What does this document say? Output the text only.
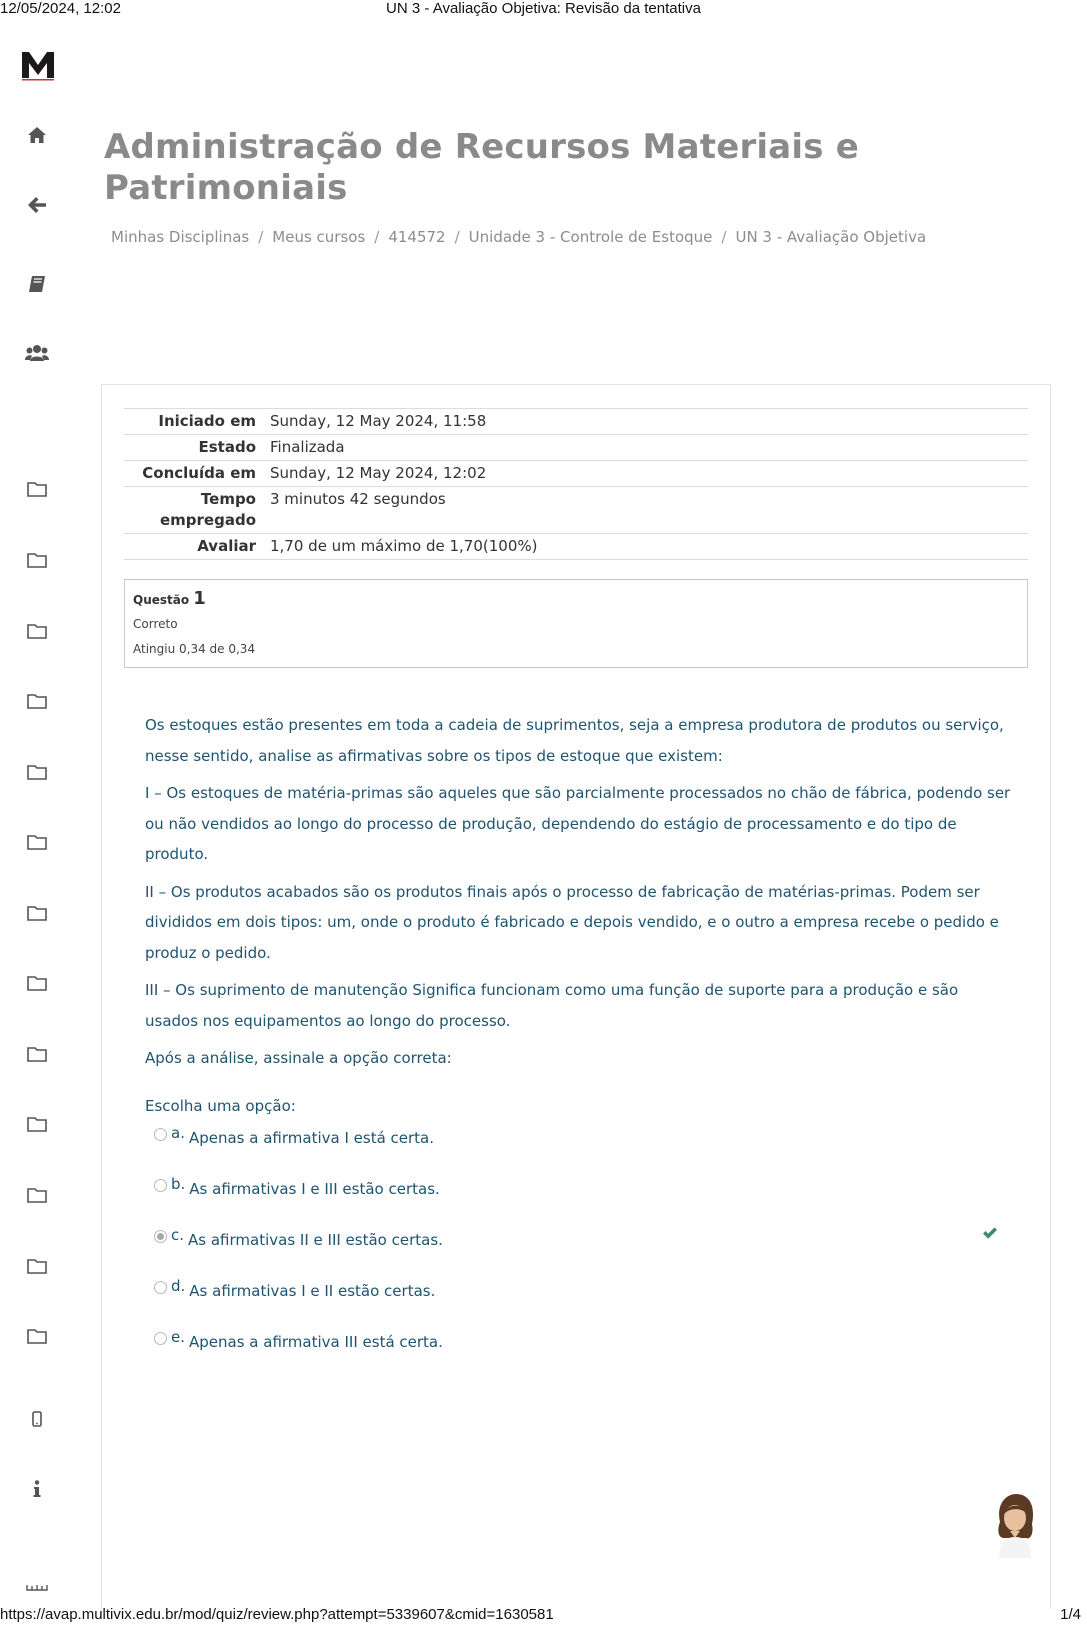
12/05/2024, 12:02	UN 3 - Avaliação Objetiva: Revisão da tentativa
Administração de Recursos Materiais e Patrimoniais
Minhas Disciplinas / Meus cursos / 414572 / Unidade 3 - Controle de Estoque / UN 3 - Avaliação Objetiva
Iniciado em Sunday, 12 May 2024, 11:58
Estado Finalizada
Concluída em Sunday, 12 May 2024, 12:02
Tempo empregado
3 minutos 42 segundos
Avaliar 1,70 de um máximo de 1,70(100%)
Questão 1
Correto
Atingiu 0,34 de 0,34

Os estoques estão presentes em toda a cadeia de suprimentos, seja a empresa produtora de produtos ou serviço, nesse sentido, analise as afirmativas sobre os tipos de estoque que existem:

I – Os estoques de matéria-primas são aqueles que são parcialmente processados no chão de fábrica, podendo ser ou não vendidos ao longo do processo de produção, dependendo do estágio de processamento e do tipo de produto.

II – Os produtos acabados são os produtos finais após o processo de fabricação de matérias-primas. Podem ser divididos em dois tipos: um, onde o produto é fabricado e depois vendido, e o outro a empresa recebe o pedido e produz o pedido.

III – Os suprimento de manutenção Significa funcionam como uma função de suporte para a produção e são usados nos equipamentos ao longo do processo.

Após a análise, assinale a opção correta:

Escolha uma opção:
a. Apenas a afirmativa I está certa.
b. As afirmativas I e III estão certas.
c. As afirmativas II e III estão certas.
d. As afirmativas I e II estão certas.
e. Apenas a afirmativa III está certa.
https://avap.multivix.edu.br/mod/quiz/review.php?attempt=5339607&cmid=1630581	1/4
